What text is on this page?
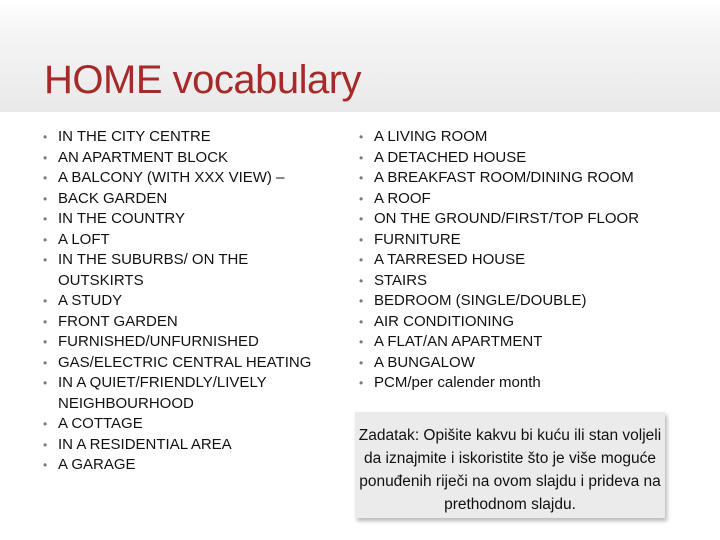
HOME vocabulary
• IN THE CITY CENTRE
• AN APARTMENT BLOCK
• A BALCONY (WITH XXX VIEW) –
• BACK GARDEN
• IN THE COUNTRY
• A LOFT
• IN THE SUBURBS/ ON THE OUTSKIRTS
• A STUDY
• FRONT GARDEN
• FURNISHED/UNFURNISHED
• GAS/ELECTRIC CENTRAL HEATING
• IN A QUIET/FRIENDLY/LIVELY NEIGHBOURHOOD
• A COTTAGE
• IN A RESIDENTIAL AREA
• A GARAGE
• A LIVING ROOM
• A DETACHED HOUSE
• A BREAKFAST ROOM/DINING ROOM
• A ROOF
• ON THE GROUND/FIRST/TOP FLOOR
• FURNITURE
• A TARRESED HOUSE
• STAIRS
• BEDROOM (SINGLE/DOUBLE)
• AIR CONDITIONING
• A FLAT/AN APARTMENT
• A BUNGALOW
• PCM/per calender month
Zadatak: Opišite kakvu bi kuću ili stan voljeli da iznajmite i iskoristite što je više moguće ponuđenih riječi na ovom slajdu i prideva na prethodnom slajdu.
